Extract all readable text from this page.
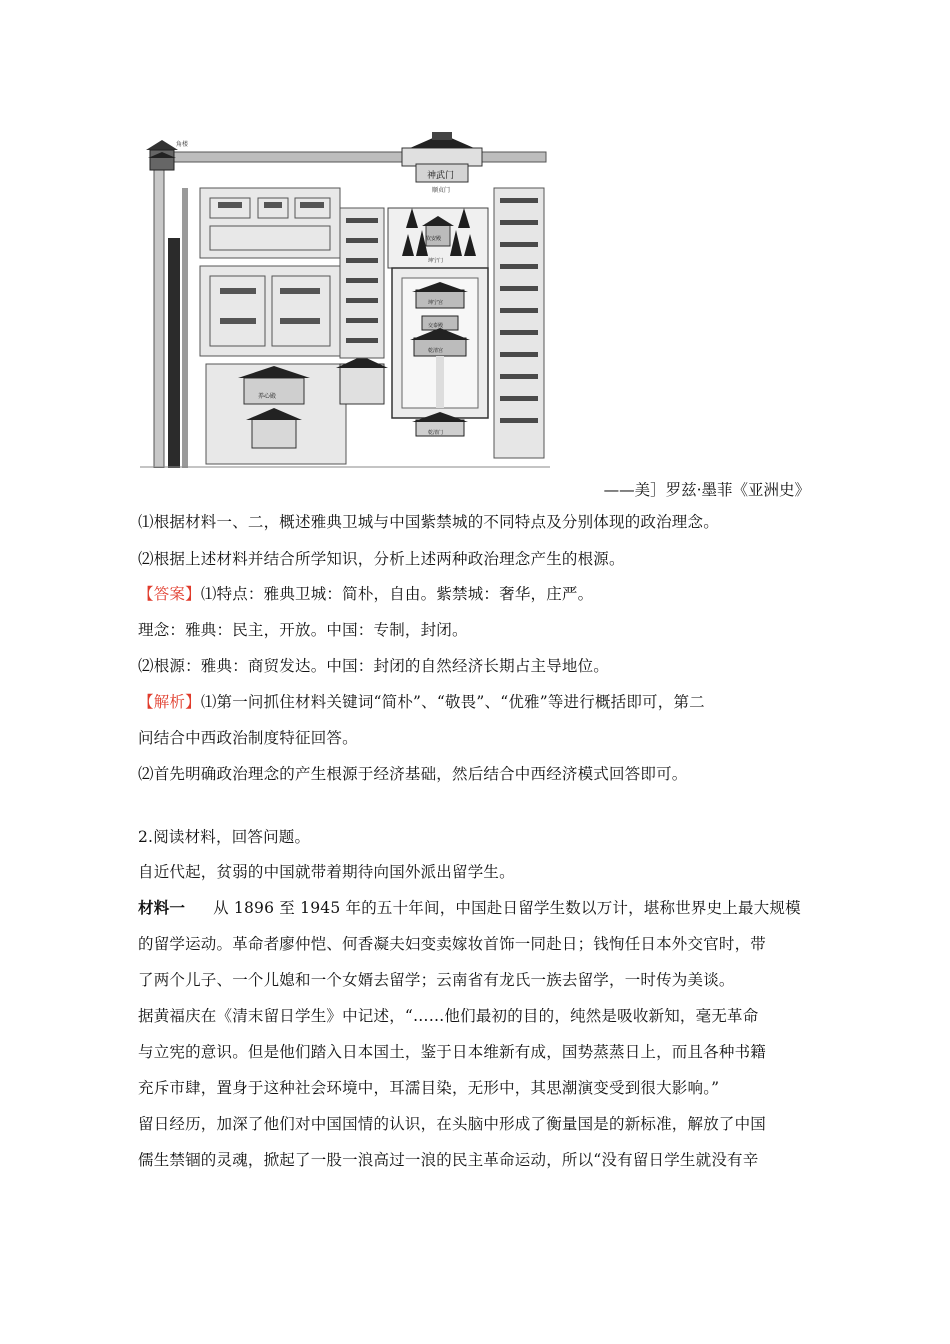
角楼
神武门
顺贞门
养心殿
钦安殿
坤宁门
坤宁宫
交泰殿
乾清宫
乾清门
——美］罗兹·墨菲《亚洲史》
⑴根据材料一、二，概述雅典卫城与中国紫禁城的不同特点及分别体现的政治理念。
⑵根据上述材料并结合所学知识，分析上述两种政治理念产生的根源。
【答案】⑴特点：雅典卫城：简朴，自由。紫禁城：奢华，庄严。
理念：雅典：民主，开放。中国：专制，封闭。
⑵根源：雅典：商贸发达。中国：封闭的自然经济长期占主导地位。
【解析】⑴第一问抓住材料关键词“简朴”、“敬畏”、“优雅”等进行概括即可，第二
问结合中西政治制度特征回答。
⑵首先明确政治理念的产生根源于经济基础，然后结合中西经济模式回答即可。
2.阅读材料，回答问题。
自近代起，贫弱的中国就带着期待向国外派出留学生。
材料一 从 1896 至 1945 年的五十年间，中国赴日留学生数以万计，堪称世界史上最大规模
的留学运动。革命者廖仲恺、何香凝夫妇变卖嫁妆首饰一同赴日；钱恂任日本外交官时，带
了两个儿子、一个儿媳和一个女婿去留学；云南省有龙氏一族去留学，一时传为美谈。
据黄福庆在《清末留日学生》中记述，“……他们最初的目的，纯然是吸收新知，毫无革命
与立宪的意识。但是他们踏入日本国土，鉴于日本维新有成，国势蒸蒸日上，而且各种书籍
充斥市肆，置身于这种社会环境中，耳濡目染，无形中，其思潮演变受到很大影响。”
留日经历，加深了他们对中国国情的认识，在头脑中形成了衡量国是的新标准，解放了中国
儒生禁锢的灵魂，掀起了一股一浪高过一浪的民主革命运动，所以“没有留日学生就没有辛
